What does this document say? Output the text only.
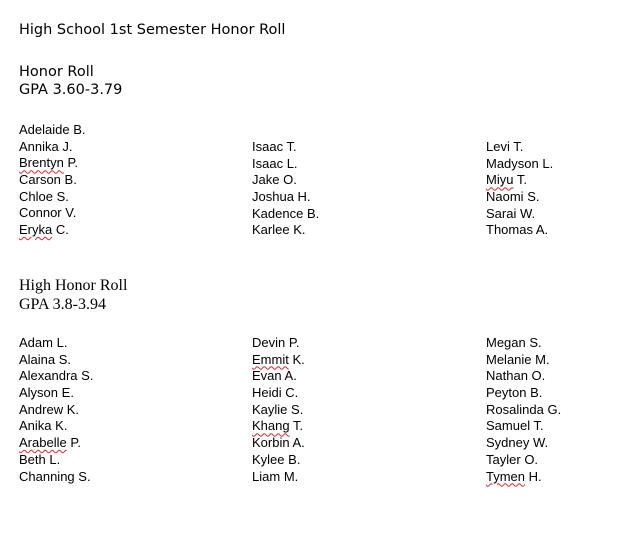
High School 1st Semester Honor Roll
Honor Roll
GPA 3.60-3.79
Adelaide B.
Annika J.
Brentyn P.
Carson B.
Chloe S.
Connor V.
Eryka C.
Isaac T.
Isaac L.
Jake O.
Joshua H.
Kadence B.
Karlee K.
Levi T.
Madyson L.
Miyu T.
Naomi S.
Sarai W.
Thomas A.
High Honor Roll
GPA 3.8-3.94
Adam L.
Alaina S.
Alexandra S.
Alyson E.
Andrew K.
Anika K.
Arabelle P.
Beth L.
Channing S.
Devin P.
Emmit K.
Evan A.
Heidi C.
Kaylie S.
Khang T.
Korbin A.
Kylee B.
Liam M.
Megan S.
Melanie M.
Nathan O.
Peyton B.
Rosalinda G.
Samuel T.
Sydney W.
Tayler O.
Tymen H.
